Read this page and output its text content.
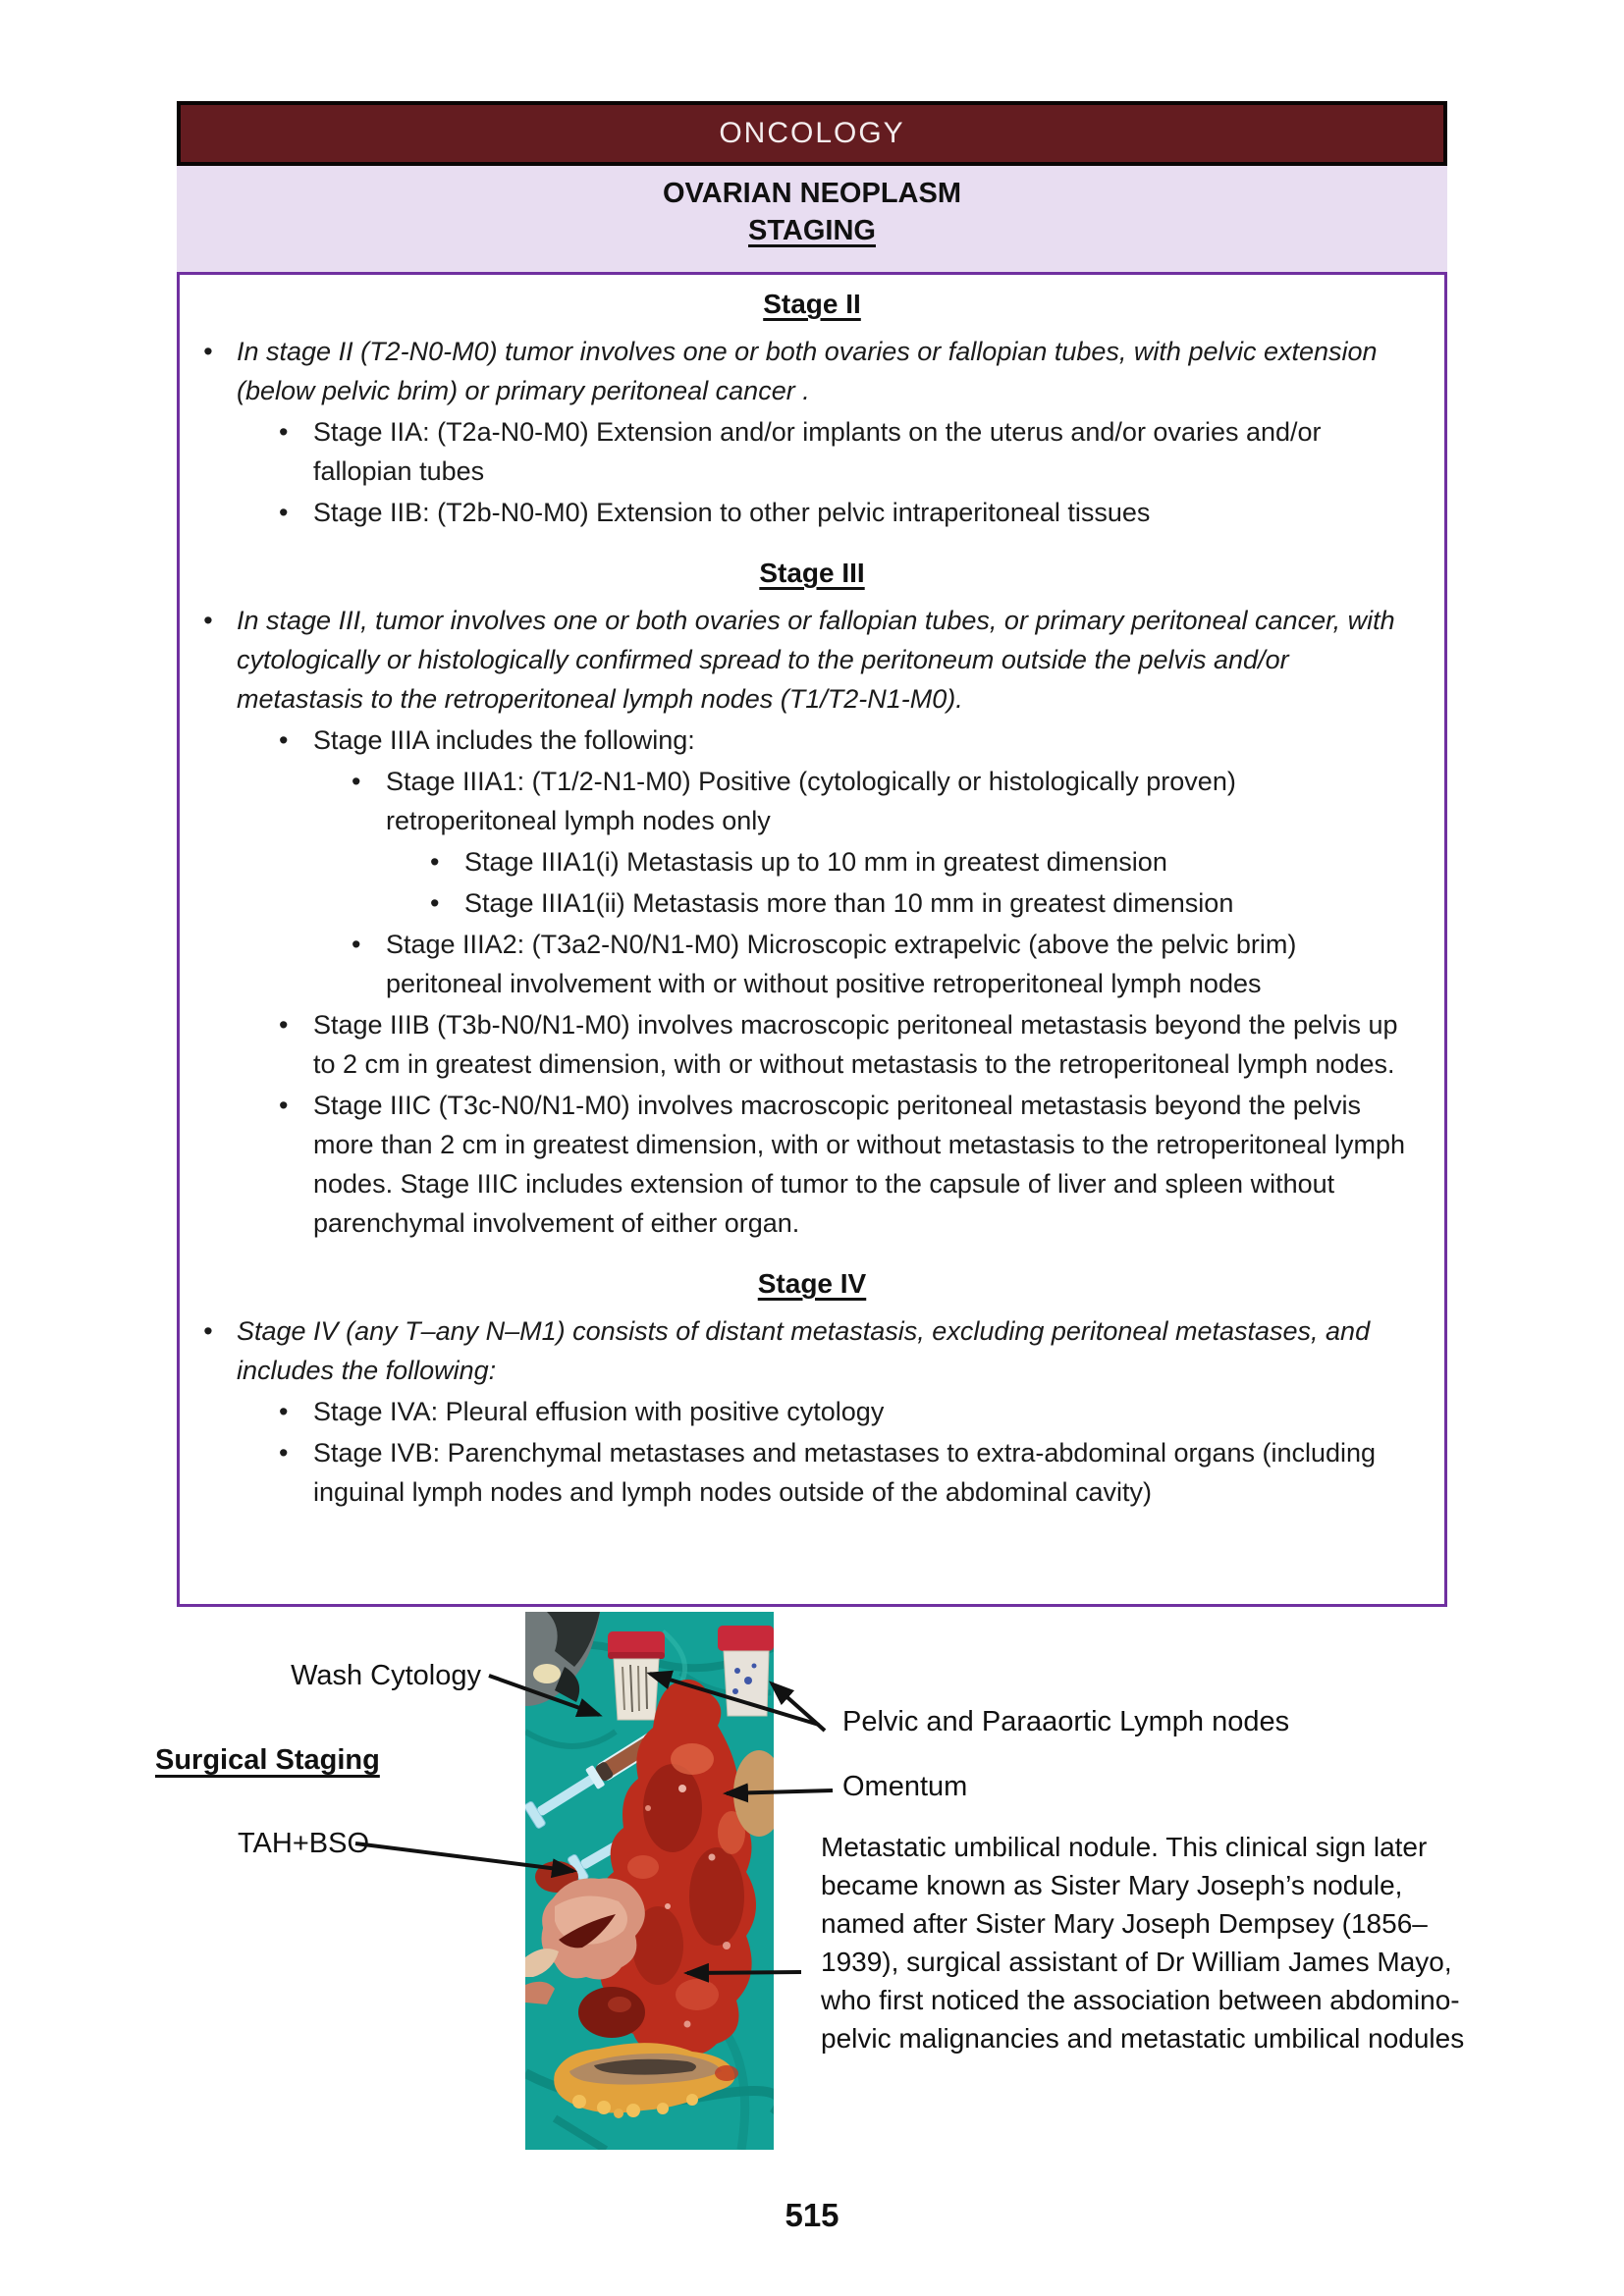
ONCOLOGY
OVARIAN NEOPLASM
STAGING
Stage II
• In stage II (T2-N0-M0) tumor involves one or both ovaries or fallopian tubes, with pelvic extension (below pelvic brim) or primary peritoneal cancer .
• Stage IIA: (T2a-N0-M0) Extension and/or implants on the uterus and/or ovaries and/or fallopian tubes
• Stage IIB: (T2b-N0-M0) Extension to other pelvic intraperitoneal tissues
Stage III
• In stage III, tumor involves one or both ovaries or fallopian tubes, or primary peritoneal cancer, with cytologically or histologically confirmed spread to the peritoneum outside the pelvis and/or metastasis to the retroperitoneal lymph nodes (T1/T2-N1-M0).
• Stage IIIA includes the following:
• Stage IIIA1: (T1/2-N1-M0) Positive (cytologically or histologically proven) retroperitoneal lymph nodes only
• Stage IIIA1(i) Metastasis up to 10 mm in greatest dimension
• Stage IIIA1(ii) Metastasis more than 10 mm in greatest dimension
• Stage IIIA2: (T3a2-N0/N1-M0) Microscopic extrapelvic (above the pelvic brim) peritoneal involvement with or without positive retroperitoneal lymph nodes
• Stage IIIB (T3b-N0/N1-M0) involves macroscopic peritoneal metastasis beyond the pelvis up to 2 cm in greatest dimension, with or without metastasis to the retroperitoneal lymph nodes.
• Stage IIIC (T3c-N0/N1-M0) involves macroscopic peritoneal metastasis beyond the pelvis more than 2 cm in greatest dimension, with or without metastasis to the retroperitoneal lymph nodes. Stage IIIC includes extension of tumor to the capsule of liver and spleen without parenchymal involvement of either organ.
Stage IV
• Stage IV (any T–any N–M1) consists of distant metastasis, excluding peritoneal metastases, and includes the following:
• Stage IVA: Pleural effusion with positive cytology
• Stage IVB: Parenchymal metastases and metastases to extra-abdominal organs (including inguinal lymph nodes and lymph nodes outside of the abdominal cavity)
Wash Cytology
Surgical Staging
TAH+BSO
Pelvic and Paraaortic Lymph nodes
Omentum
Metastatic umbilical nodule. This clinical sign later became known as Sister Mary Joseph’s nodule, named after Sister Mary Joseph Dempsey (1856–1939), surgical assistant of Dr William James Mayo, who first noticed the association between abdomino-pelvic malignancies and metastatic umbilical nodules
515
